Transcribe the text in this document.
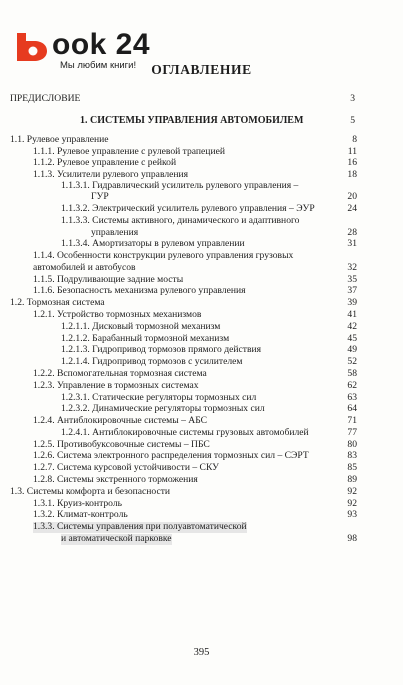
ook 24
Мы любим книги!	ОГЛАВЛЕНИЕ
ПРЕДИСЛОВИЕ	3
1. СИСТЕМЫ УПРАВЛЕНИЯ АВТОМОБИЛЕМ	5
1.1. Рулевое управление	8
1.1.1. Рулевое управление с рулевой трапецией	11
1.1.2. Рулевое управление с рейкой	16
1.1.3. Усилители рулевого управления	18
1.1.3.1. Гидравлический усилитель рулевого управления –
ГУР	20
1.1.3.2. Электрический усилитель рулевого управления – ЭУР	24
1.1.3.3. Системы активного, динамического и адаптивного
управления	28
1.1.3.4. Амортизаторы в рулевом управлении	31
1.1.4. Особенности конструкции рулевого управления грузовых
автомобилей и автобусов	32
1.1.5. Подруливающие задние мосты	35
1.1.6. Безопасность механизма рулевого управления	37
1.2. Тормозная система	39
1.2.1. Устройство тормозных механизмов	41
1.2.1.1. Дисковый тормозной механизм	42
1.2.1.2. Барабанный тормозной механизм	45
1.2.1.3. Гидропривод тормозов прямого действия	49
1.2.1.4. Гидропривод тормозов с усилителем	52
1.2.2. Вспомогательная тормозная система	58
1.2.3. Управление в тормозных системах	62
1.2.3.1. Статические регуляторы тормозных сил	63
1.2.3.2. Динамические регуляторы тормозных сил	64
1.2.4. Антиблокировочные системы – АБС	71
1.2.4.1. Антиблокировочные системы грузовых автомобилей	77
1.2.5. Противобуксовочные системы – ПБС	80
1.2.6. Система электронного распределения тормозных сил – СЭРТ	83
1.2.7. Система курсовой устойчивости – СКУ	85
1.2.8. Системы экстренного торможения	89
1.3. Системы комфорта и безопасности	92
1.3.1. Круиз-контроль	92
1.3.2. Климат-контроль	93
1.3.3. Системы управления при полуавтоматической
и автоматической парковке	98
395
